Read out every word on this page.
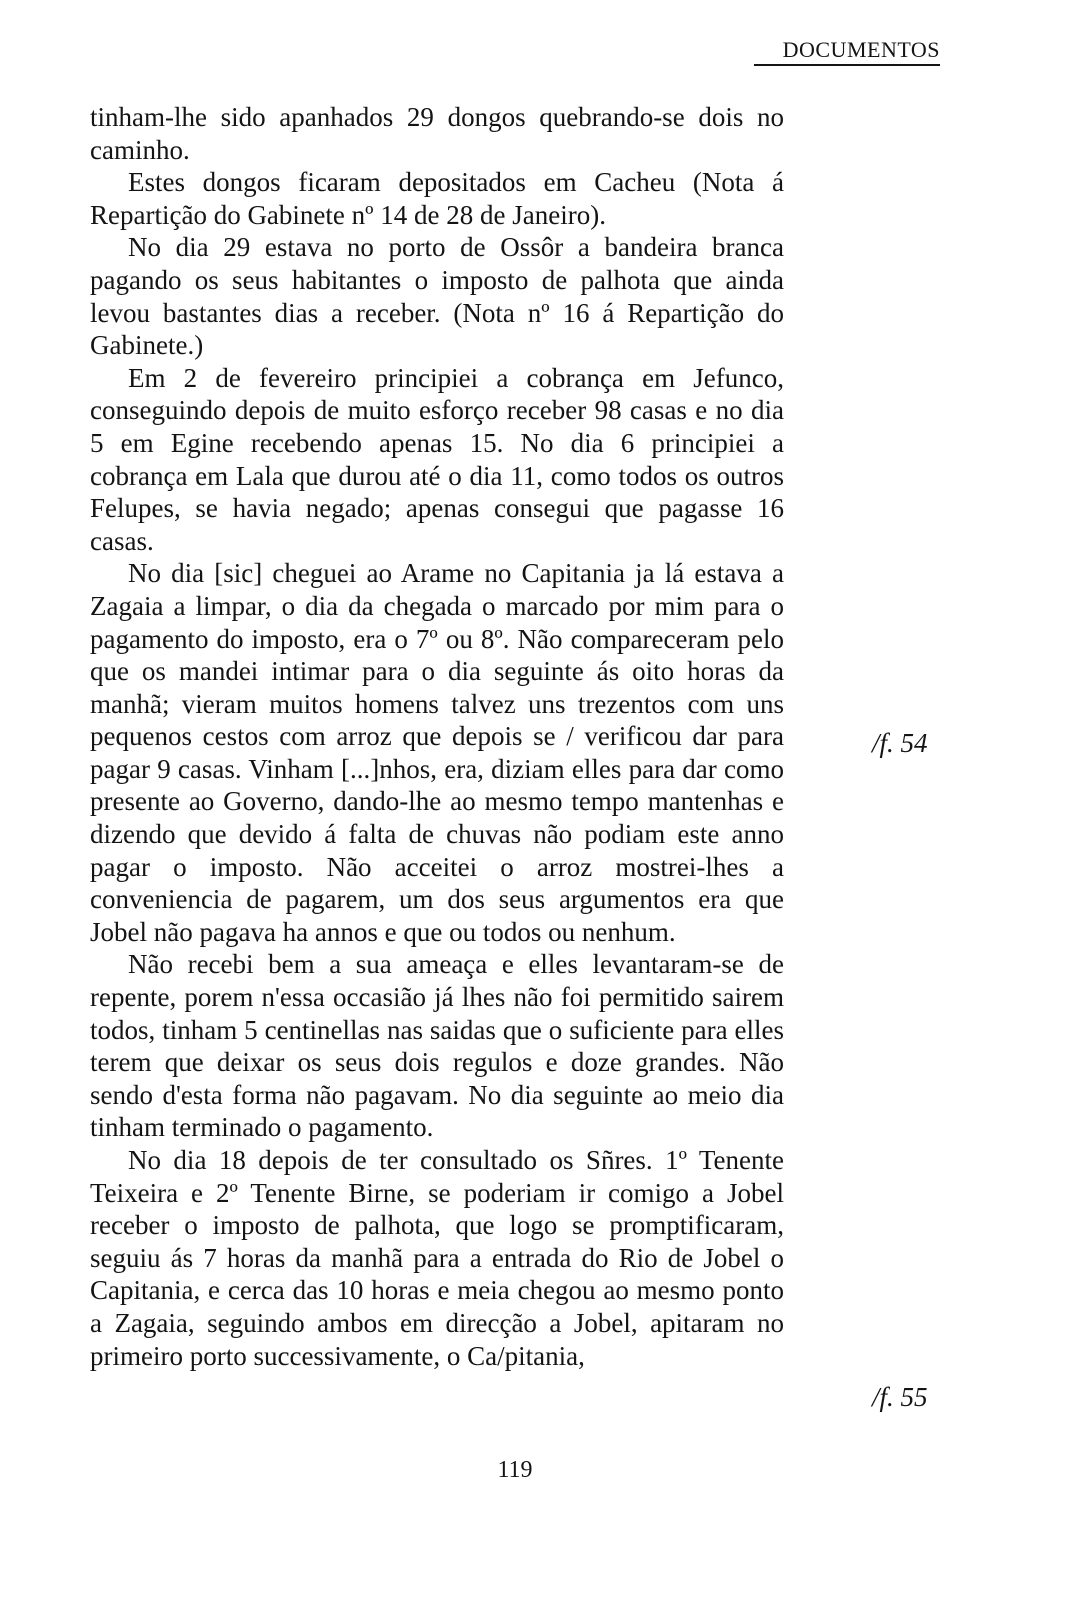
DOCUMENTOS

tinham-lhe sido apanhados 29 dongos quebrando-se dois no caminho.

Estes dongos ficaram depositados em Cacheu (Nota á Repartição do Gabinete nº 14 de 28 de Janeiro).

No dia 29 estava no porto de Ossôr a bandeira branca pagando os seus habitantes o imposto de palhota que ainda levou bastantes dias a receber. (Nota nº 16 á Repartição do Gabinete.)

Em 2 de fevereiro principiei a cobrança em Jefunco, conseguindo depois de muito esforço receber 98 casas e no dia 5 em Egine recebendo apenas 15. No dia 6 principiei a cobrança em Lala que durou até o dia 11, como todos os outros Felupes, se havia negado; apenas consegui que pagasse 16 casas.

No dia [sic] cheguei ao Arame no Capitania ja lá estava a Zagaia a limpar, o dia da chegada o marcado por mim para o pagamento do imposto, era o 7º ou 8º. Não compareceram pelo que os mandei intimar para o dia seguinte ás oito horas da manhã; vieram muitos homens talvez uns trezentos com uns pequenos cestos com arroz que depois se / verificou dar para pagar 9 casas. Vinham [...]nhos, era, diziam elles para dar como presente ao Governo, dando-lhe ao mesmo tempo mantenhas e dizendo que devido á falta de chuvas não podiam este anno pagar o imposto. Não acceitei o arroz mostrei-lhes a conveniencia de pagarem, um dos seus argumentos era que Jobel não pagava ha annos e que ou todos ou nenhum.

Não recebi bem a sua ameaça e elles levantaram-se de repente, porem n'essa occasião já lhes não foi permitido sairem todos, tinham 5 centinellas nas saidas que o suficiente para elles terem que deixar os seus dois regulos e doze grandes. Não sendo d'esta forma não pagavam. No dia seguinte ao meio dia tinham terminado o pagamento.

No dia 18 depois de ter consultado os Sñres. 1º Tenente Teixeira e 2º Tenente Birne, se poderiam ir comigo a Jobel receber o imposto de palhota, que logo se promptificaram, seguiu ás 7 horas da manhã para a entrada do Rio de Jobel o Capitania, e cerca das 10 horas e meia chegou ao mesmo ponto a Zagaia, seguindo ambos em direcção a Jobel, apitaram no primeiro porto successivamente, o Ca/pitania,

/f. 54
/f. 55
119
